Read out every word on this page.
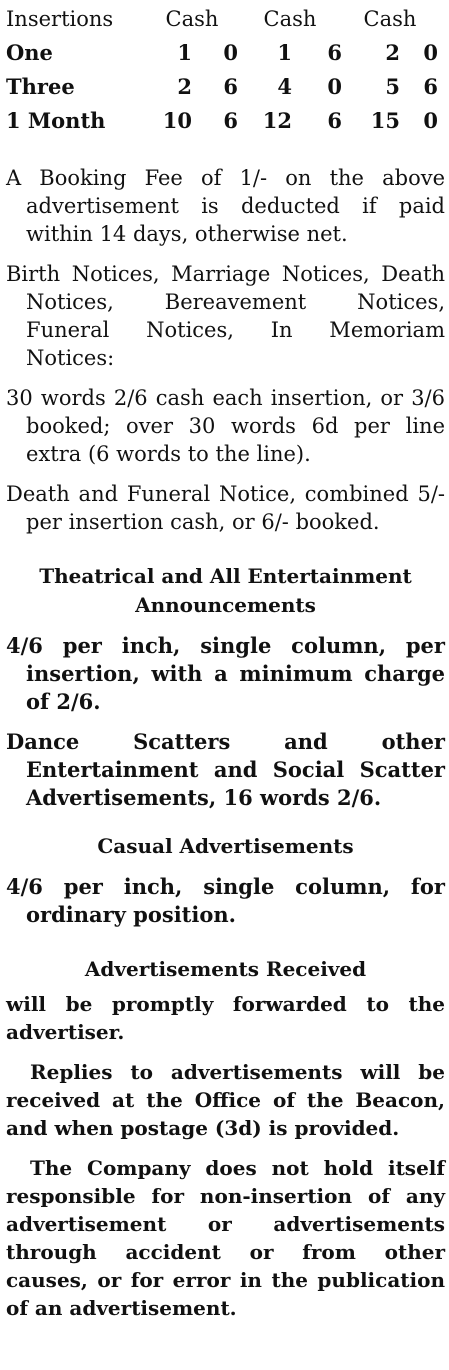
Insertions	Cash		Cash		Cash	
One	1	0	1	6	2	0
Three	2	6	4	0	5	6
1 Month	10	6	12	6	15	0

A Booking Fee of 1/- on the above advertisement is deducted if paid within 14 days, otherwise net.

Birth Notices, Marriage Notices, Death Notices, Bereavement Notices, Funeral Notices, In Memoriam Notices:

30 words 2/6 cash each insertion, or 3/6 booked; over 30 words 6d per line extra (6 words to the line).

Death and Funeral Notice, combined 5/- per insertion cash, or 6/- booked.

Theatrical and All Entertainment
Announcements

4/6 per inch, single column, per insertion, with a minimum charge of 2/6.

Dance Scatters and other Entertainment and Social Scatter Advertisements, 16 words 2/6.

Casual Advertisements

4/6 per inch, single column, for ordinary position.

Advertisements Received

will be promptly forwarded to the advertiser.

Replies to advertisements will be received at the Office of the Beacon, and when postage (3d) is provided.

The Company does not hold itself responsible for non-insertion of any advertisement or advertisements through accident or from other causes, or for error in the publication of an advertisement.
